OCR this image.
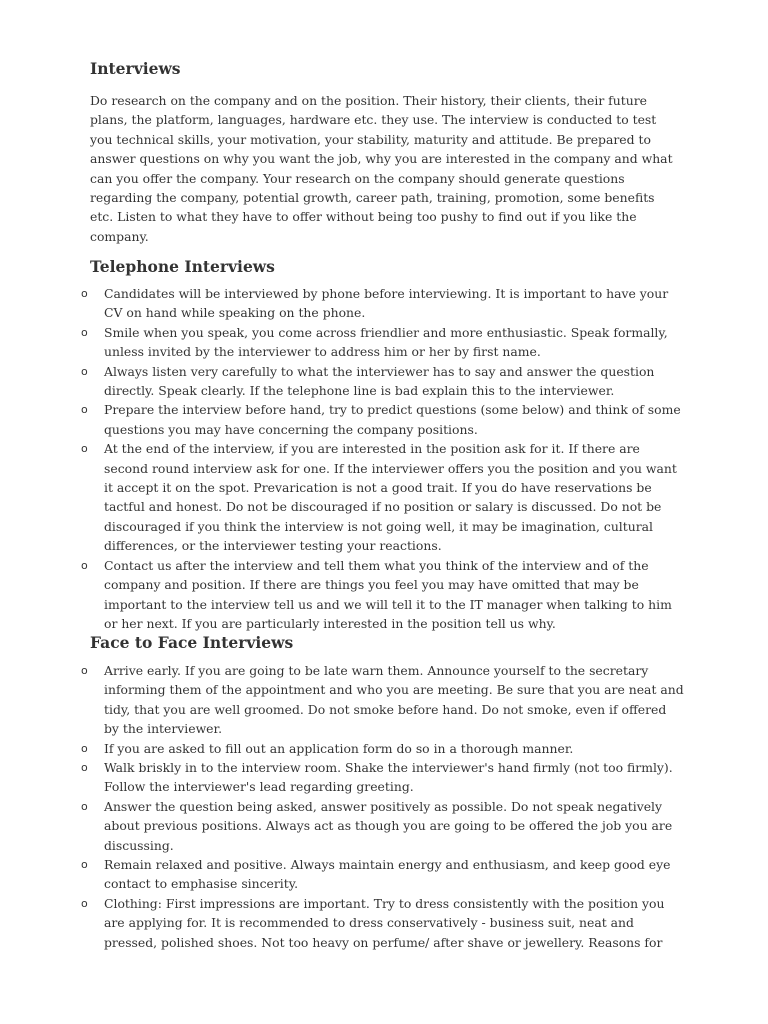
Interviews

Do research on the company and on the position. Their history, their clients, their future plans, the platform, languages, hardware etc. they use. The interview is conducted to test you technical skills, your motivation, your stability, maturity and attitude. Be prepared to answer questions on why you want the job, why you are interested in the company and what can you offer the company. Your research on the company should generate questions regarding the company, potential growth, career path, training, promotion, some benefits etc. Listen to what they have to offer without being too pushy to find out if you like the company.

Telephone Interviews
o Candidates will be interviewed by phone before interviewing. It is important to have your CV on hand while speaking on the phone.
o Smile when you speak, you come across friendlier and more enthusiastic. Speak formally, unless invited by the interviewer to address him or her by first name.
o Always listen very carefully to what the interviewer has to say and answer the question directly. Speak clearly. If the telephone line is bad explain this to the interviewer.
o Prepare the interview before hand, try to predict questions (some below) and think of some questions you may have concerning the company positions.
o At the end of the interview, if you are interested in the position ask for it. If there are second round interview ask for one. If the interviewer offers you the position and you want it accept it on the spot. Prevarication is not a good trait. If you do have reservations be tactful and honest. Do not be discouraged if no position or salary is discussed. Do not be discouraged if you think the interview is not going well, it may be imagination, cultural differences, or the interviewer testing your reactions.
o Contact us after the interview and tell them what you think of the interview and of the company and position. If there are things you feel you may have omitted that may be important to the interview tell us and we will tell it to the IT manager when talking to him or her next. If you are particularly interested in the position tell us why.
Face to Face Interviews
o Arrive early. If you are going to be late warn them. Announce yourself to the secretary informing them of the appointment and who you are meeting. Be sure that you are neat and tidy, that you are well groomed. Do not smoke before hand. Do not smoke, even if offered by the interviewer.
o If you are asked to fill out an application form do so in a thorough manner.
o Walk briskly in to the interview room. Shake the interviewer's hand firmly (not too firmly). Follow the interviewer's lead regarding greeting.
o Answer the question being asked, answer positively as possible. Do not speak negatively about previous positions. Always act as though you are going to be offered the job you are discussing.
o Remain relaxed and positive. Always maintain energy and enthusiasm, and keep good eye contact to emphasise sincerity.
o Clothing: First impressions are important. Try to dress consistently with the position you are applying for. It is recommended to dress conservatively - business suit, neat and pressed, polished shoes. Not too heavy on perfume/ after shave or jewellery. Reasons for
